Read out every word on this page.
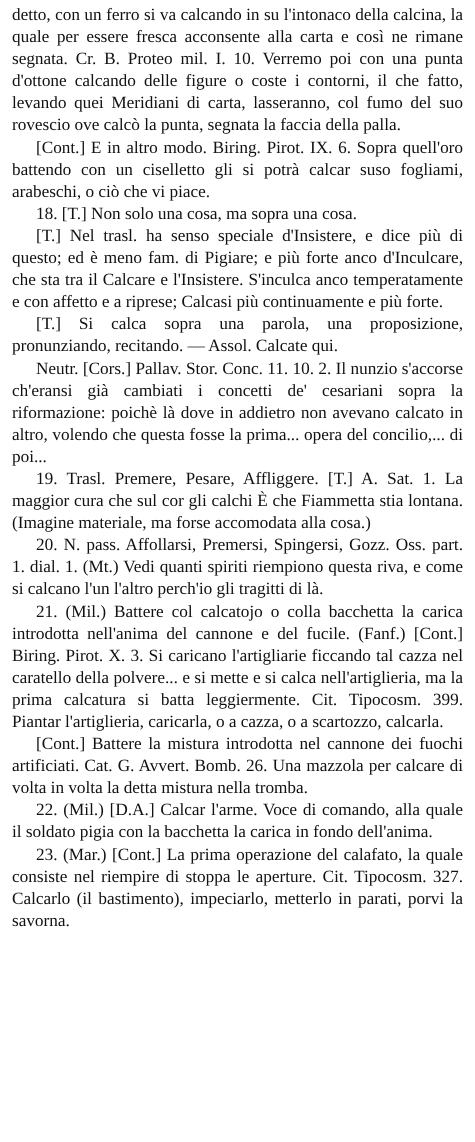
detto, con un ferro si va calcando in su l'intonaco della calcina, la quale per essere fresca acconsente alla carta e così ne rimane segnata. Cr. B. Proteo mil. I. 10. Verremo poi con una punta d'ottone calcando delle figure o coste i contorni, il che fatto, levando quei Meridiani di carta, lasseranno, col fumo del suo rovescio ove calcò la punta, segnata la faccia della palla.

[Cont.] E in altro modo. Biring. Pirot. IX. 6. Sopra quell'oro battendo con un ciselletto gli si potrà calcar suso fogliami, arabeschi, o ciò che vi piace.

18. [T.] Non solo una cosa, ma sopra una cosa.

[T.] Nel trasl. ha senso speciale d'Insistere, e dice più di questo; ed è meno fam. di Pigiare; e più forte anco d'Inculcare, che sta tra il Calcare e l'Insistere. S'inculca anco temperatamente e con affetto e a riprese; Calcasi più continuamente e più forte.

[T.] Si calca sopra una parola, una proposizione, pronunziando, recitando. — Assol. Calcate qui.

Neutr. [Cors.] Pallav. Stor. Conc. 11. 10. 2. Il nunzio s'accorse ch'eransi già cambiati i concetti de' cesariani sopra la riformazione: poichè là dove in addietro non avevano calcato in altro, volendo che questa fosse la prima... opera del concilio,... di poi...

19. Trasl. Premere, Pesare, Affliggere. [T.] A. Sat. 1. La maggior cura che sul cor gli calchi È che Fiammetta stia lontana. (Imagine materiale, ma forse accomodata alla cosa.)

20. N. pass. Affollarsi, Premersi, Spingersi, Gozz. Oss. part. 1. dial. 1. (Mt.) Vedi quanti spiriti riempiono questa riva, e come si calcano l'un l'altro perch'io gli tragitti di là.

21. (Mil.) Battere col calcatojo o colla bacchetta la carica introdotta nell'anima del cannone e del fucile. (Fanf.) [Cont.] Biring. Pirot. X. 3. Si caricano l'artigliarie ficcando tal cazza nel caratello della polvere... e si mette e si calca nell'artiglieria, ma la prima calcatura si batta leggiermente. Cit. Tipocosm. 399. Piantar l'artiglieria, caricarla, o a cazza, o a scartozzo, calcarla.

[Cont.] Battere la mistura introdotta nel cannone dei fuochi artificiati. Cat. G. Avvert. Bomb. 26. Una mazzola per calcare di volta in volta la detta mistura nella tromba.

22. (Mil.) [D.A.] Calcar l'arme. Voce di comando, alla quale il soldato pigia con la bacchetta la carica in fondo dell'anima.

23. (Mar.) [Cont.] La prima operazione del calafato, la quale consiste nel riempire di stoppa le aperture. Cit. Tipocosm. 327. Calcarlo (il bastimento), impeciarlo, metterlo in parati, porvi la savorna.
